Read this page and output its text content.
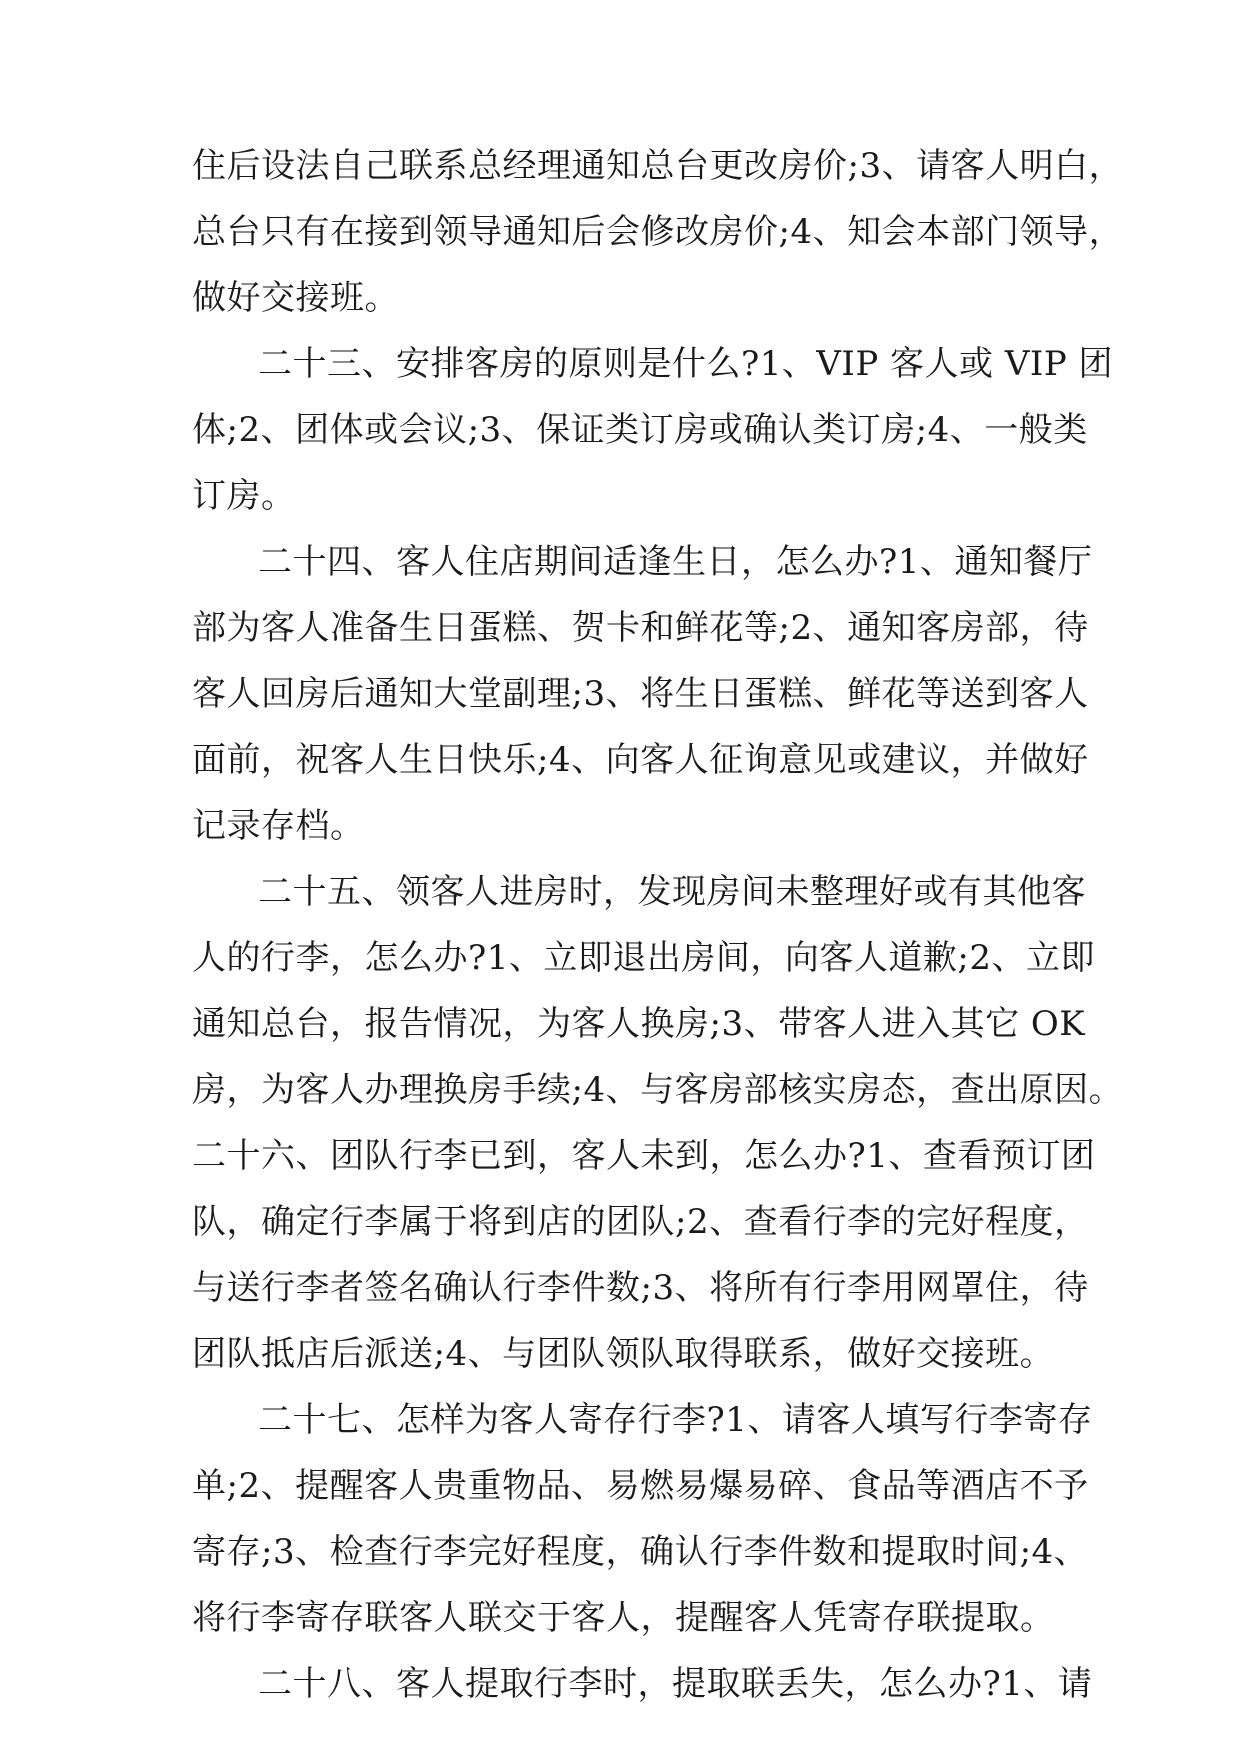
住后设法自己联系总经理通知总台更改房价;3、请客人明白，
总台只有在接到领导通知后会修改房价;4、知会本部门领导，
做好交接班。
二十三、安排客房的原则是什么?1、VIP 客人或 VIP 团
体;2、团体或会议;3、保证类订房或确认类订房;4、一般类
订房。
二十四、客人住店期间适逢生日，怎么办?1、通知餐厅
部为客人准备生日蛋糕、贺卡和鲜花等;2、通知客房部，待
客人回房后通知大堂副理;3、将生日蛋糕、鲜花等送到客人
面前，祝客人生日快乐;4、向客人征询意见或建议，并做好
记录存档。
二十五、领客人进房时，发现房间未整理好或有其他客
人的行李，怎么办?1、立即退出房间，向客人道歉;2、立即
通知总台，报告情况，为客人换房;3、带客人进入其它 OK
房，为客人办理换房手续;4、与客房部核实房态，查出原因。
二十六、团队行李已到，客人未到，怎么办?1、查看预订团
队，确定行李属于将到店的团队;2、查看行李的完好程度，
与送行李者签名确认行李件数;3、将所有行李用网罩住，待
团队抵店后派送;4、与团队领队取得联系，做好交接班。
二十七、怎样为客人寄存行李?1、请客人填写行李寄存
单;2、提醒客人贵重物品、易燃易爆易碎、食品等酒店不予
寄存;3、检查行李完好程度，确认行李件数和提取时间;4、
将行李寄存联客人联交于客人，提醒客人凭寄存联提取。
二十八、客人提取行李时，提取联丢失，怎么办?1、请
